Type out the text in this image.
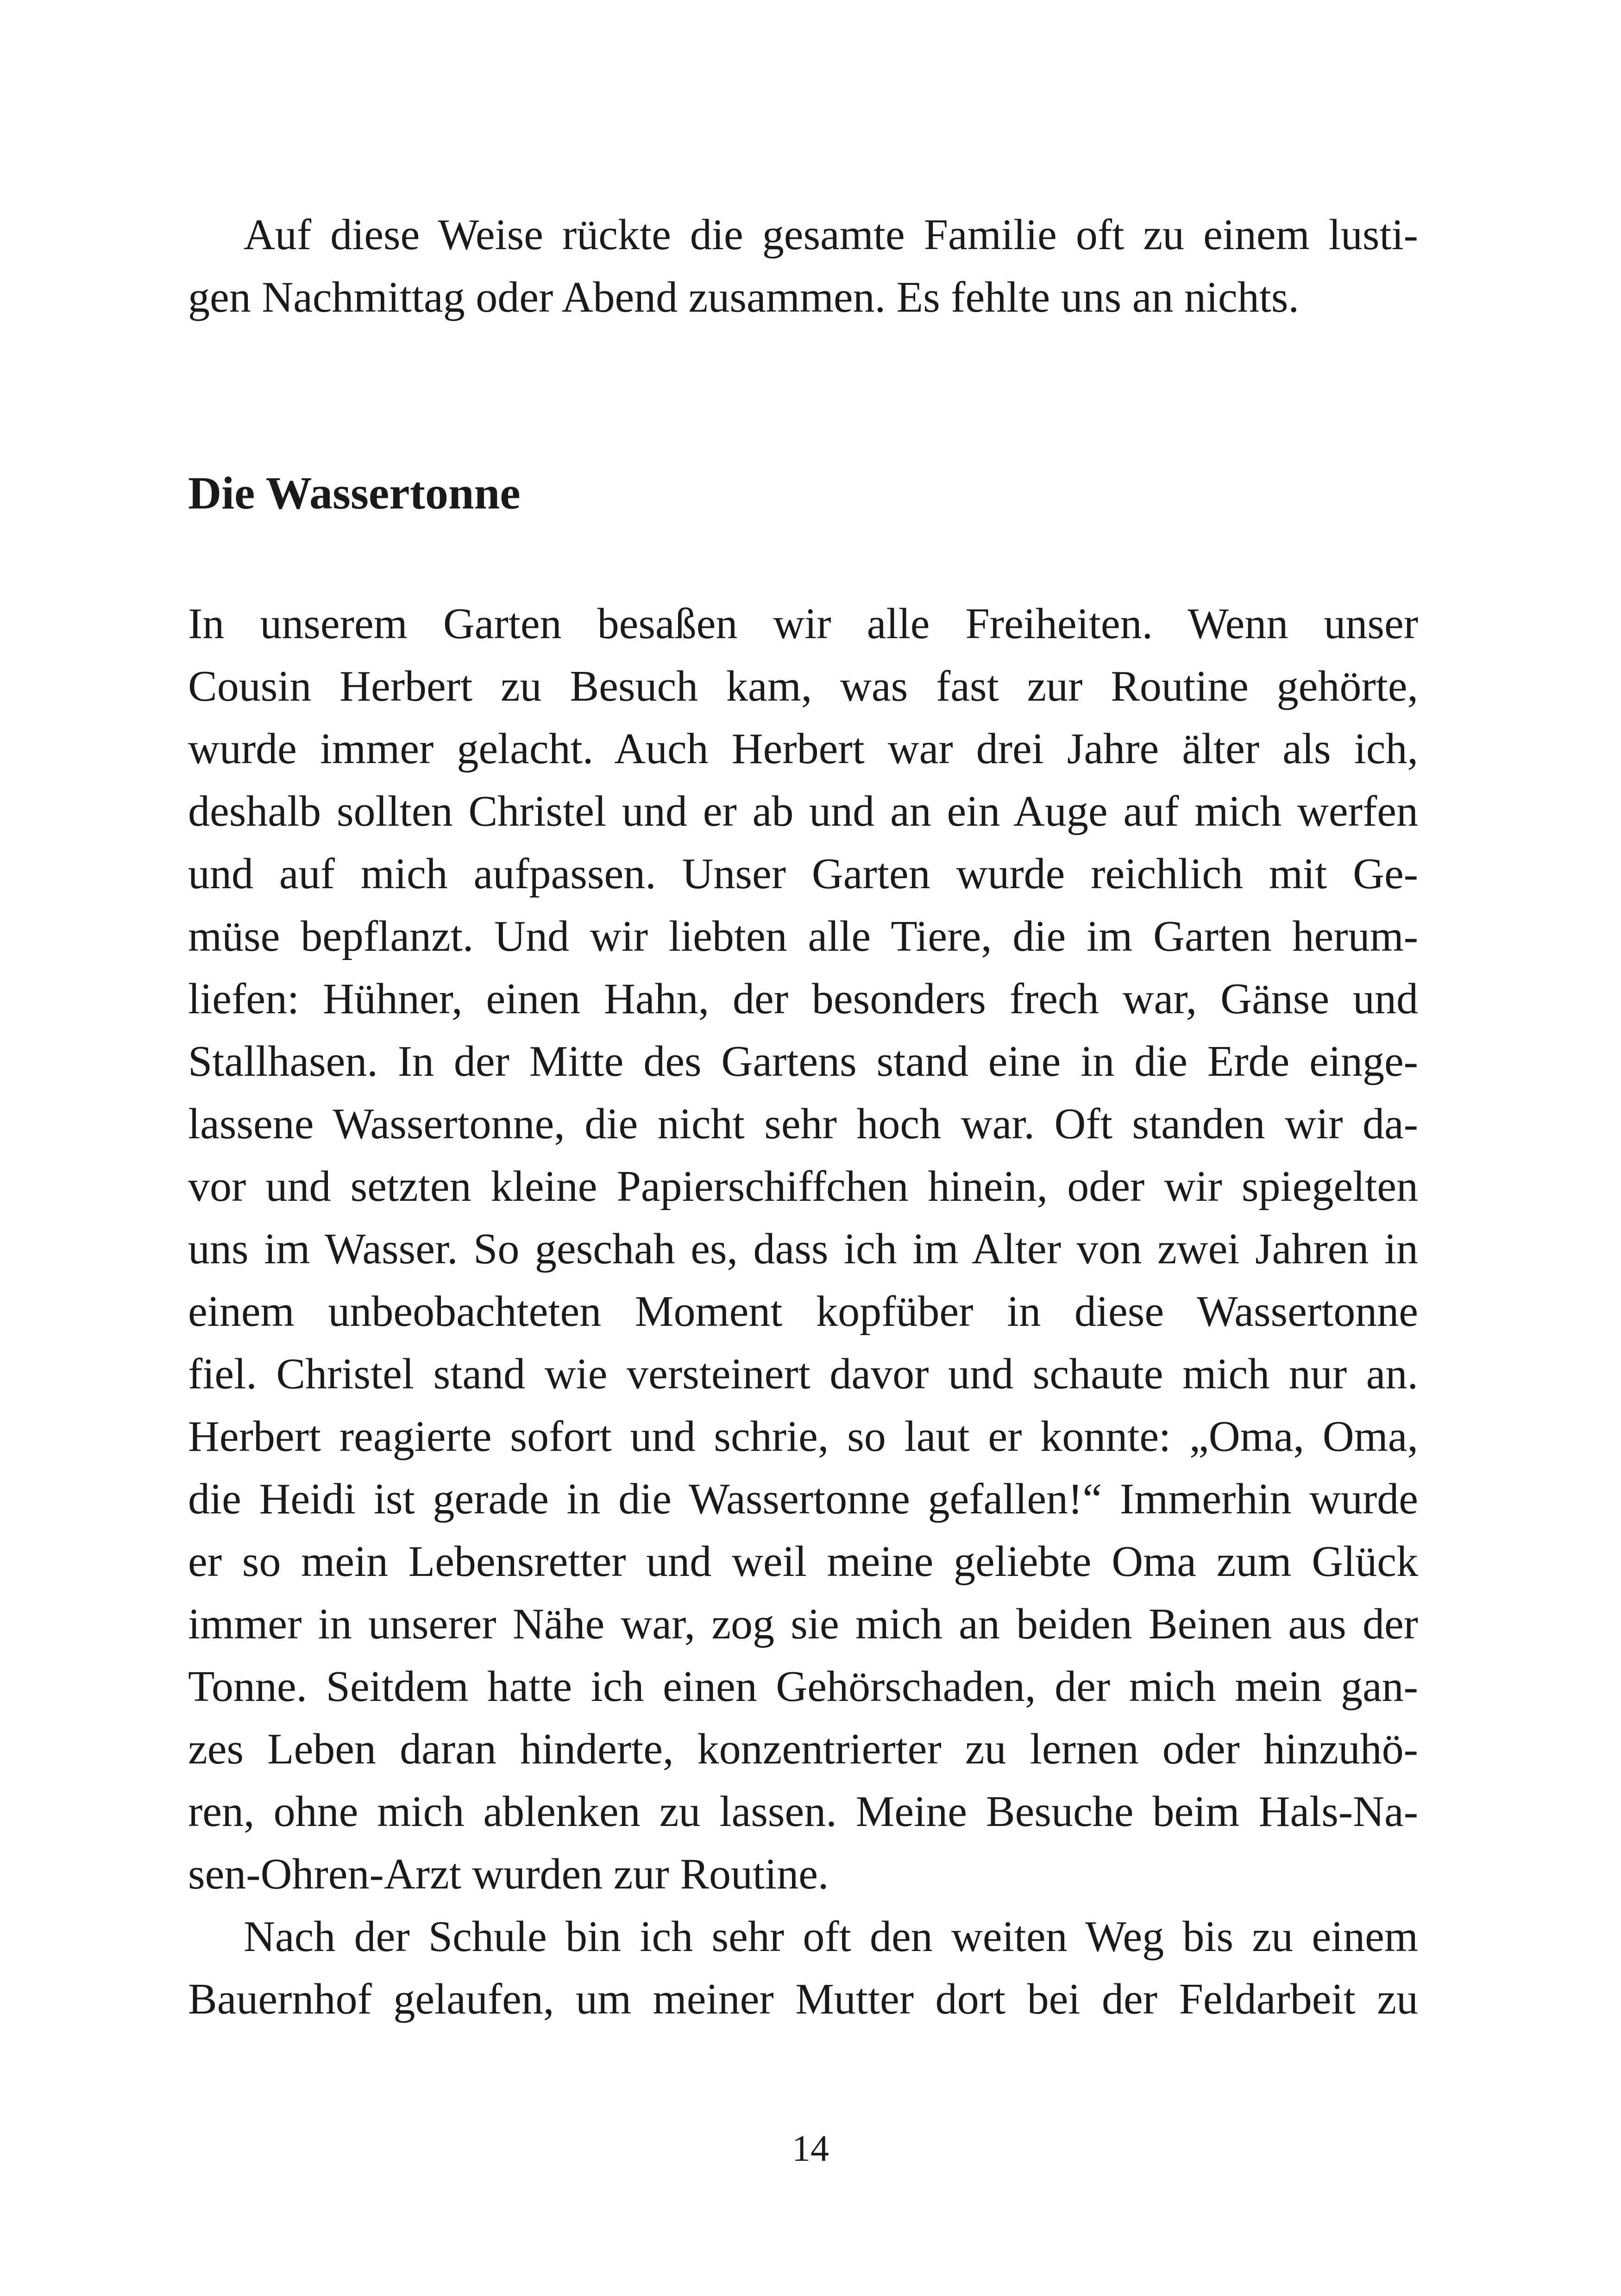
Auf diese Weise rückte die gesamte Familie oft zu einem lusti-
gen Nachmittag oder Abend zusammen. Es fehlte uns an nichts.
Die Wassertonne
In unserem Garten besaßen wir alle Freiheiten. Wenn unser
Cousin Herbert zu Besuch kam, was fast zur Routine gehörte,
wurde immer gelacht. Auch Herbert war drei Jahre älter als ich,
deshalb sollten Christel und er ab und an ein Auge auf mich werfen
und auf mich aufpassen. Unser Garten wurde reichlich mit Ge-
müse bepflanzt. Und wir liebten alle Tiere, die im Garten herum-
liefen: Hühner, einen Hahn, der besonders frech war, Gänse und
Stallhasen. In der Mitte des Gartens stand eine in die Erde einge-
lassene Wassertonne, die nicht sehr hoch war. Oft standen wir da-
vor und setzten kleine Papierschiffchen hinein, oder wir spiegelten
uns im Wasser. So geschah es, dass ich im Alter von zwei Jahren in
einem unbeobachteten Moment kopfüber in diese Wassertonne
fiel. Christel stand wie versteinert davor und schaute mich nur an.
Herbert reagierte sofort und schrie, so laut er konnte: „Oma, Oma,
die Heidi ist gerade in die Wassertonne gefallen!“ Immerhin wurde
er so mein Lebensretter und weil meine geliebte Oma zum Glück
immer in unserer Nähe war, zog sie mich an beiden Beinen aus der
Tonne. Seitdem hatte ich einen Gehörschaden, der mich mein gan-
zes Leben daran hinderte, konzentrierter zu lernen oder hinzuhö-
ren, ohne mich ablenken zu lassen. Meine Besuche beim Hals-Na-
sen-Ohren-Arzt wurden zur Routine.
Nach der Schule bin ich sehr oft den weiten Weg bis zu einem
Bauernhof gelaufen, um meiner Mutter dort bei der Feldarbeit zu
14
